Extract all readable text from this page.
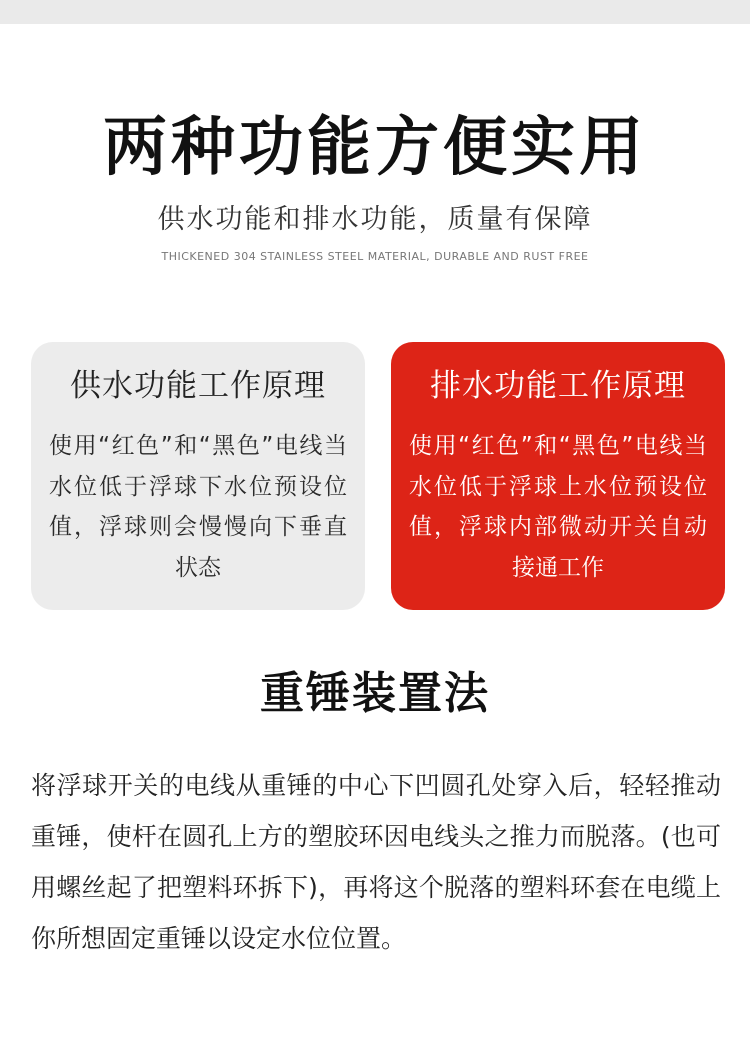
两种功能方便实用
供水功能和排水功能，质量有保障
THICKENED 304 STAINLESS STEEL MATERIAL, DURABLE AND RUST FREE
供水功能工作原理
使用“红色”和“黑色”电线当水位低于浮球下水位预设位值，浮球则会慢慢向下垂直状态
排水功能工作原理
使用“红色”和“黑色”电线当水位低于浮球上水位预设位值，浮球内部微动开关自动接通工作
重锤装置法
将浮球开关的电线从重锤的中心下凹圆孔处穿入后，轻轻推动重锤，使杆在圆孔上方的塑胶环因电线头之推力而脱落。(也可用螺丝起了把塑料环拆下)，再将这个脱落的塑料环套在电缆上你所想固定重锤以设定水位位置。
